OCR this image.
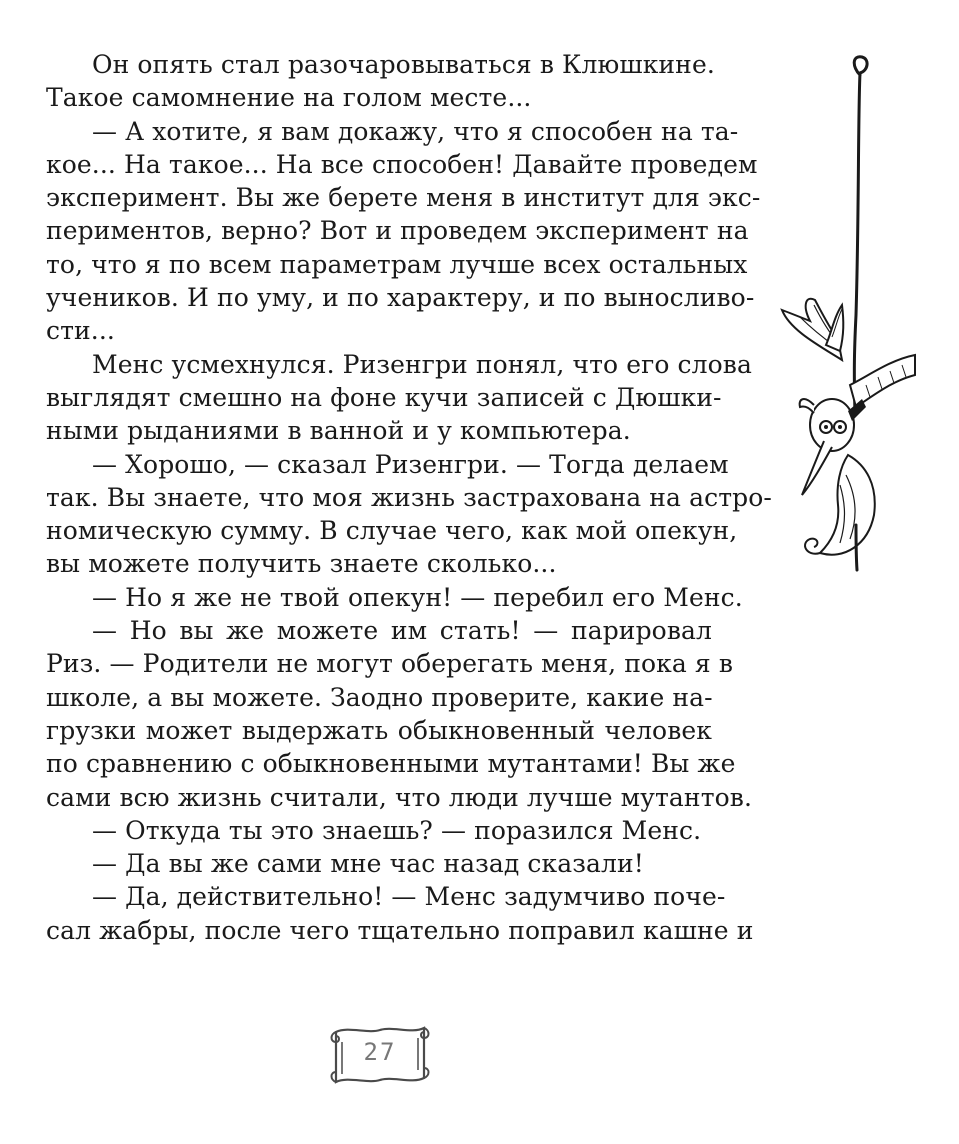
Он опять стал разочаровываться в Клюшкине.
Такое самомнение на голом месте...
— А хотите, я вам докажу, что я способен на та-
кое... На такое... На все способен! Давайте проведем
эксперимент. Вы же берете меня в институт для экс-
периментов, верно? Вот и проведем эксперимент на
то, что я по всем параметрам лучше всех остальных
учеников. И по уму, и по характеру, и по выносливо-
сти...
Менс усмехнулся. Ризенгри понял, что его слова
выглядят смешно на фоне кучи записей с Дюшки-
ными рыданиями в ванной и у компьютера.
— Хорошо, — сказал Ризенгри. — Тогда делаем
так. Вы знаете, что моя жизнь застрахована на астро-
номическую сумму. В случае чего, как мой опекун,
вы можете получить знаете сколько...
— Но я же не твой опекун! — перебил его Менс.
— Но вы же можете им стать! — парировал
Риз. — Родители не могут оберегать меня, пока я в
школе, а вы можете. Заодно проверите, какие на-
грузки может выдержать обыкновенный человек
по сравнению с обыкновенными мутантами! Вы же
сами всю жизнь считали, что люди лучше мутантов.
— Откуда ты это знаешь? — поразился Менс.
— Да вы же сами мне час назад сказали!
— Да, действительно! — Менс задумчиво поче-
сал жабры, после чего тщательно поправил кашне и
27
